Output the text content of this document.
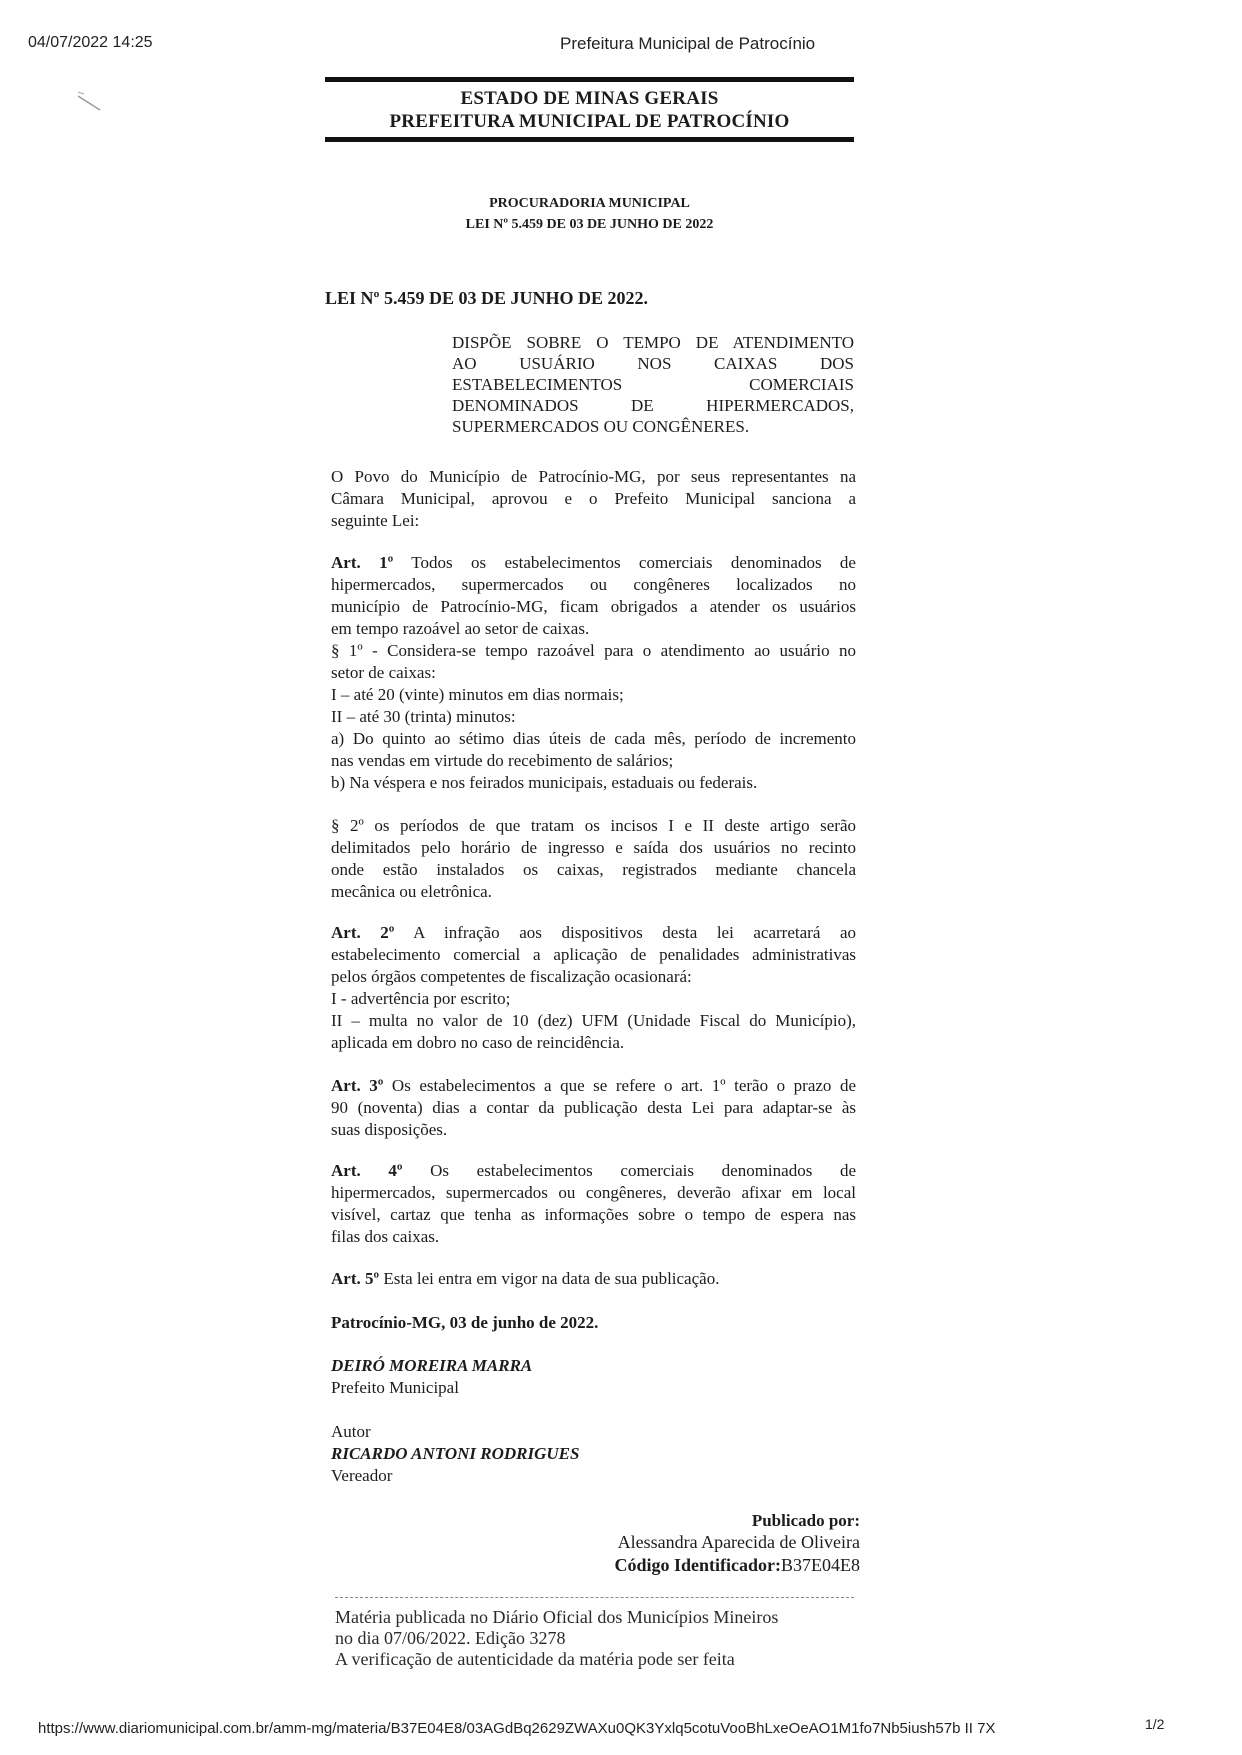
04/07/2022 14:25	Prefeitura Municipal de Patrocínio
ESTADO DE MINAS GERAIS
PREFEITURA MUNICIPAL DE PATROCÍNIO
PROCURADORIA MUNICIPAL
LEI Nº 5.459 DE 03 DE JUNHO DE 2022
LEI Nº 5.459 DE 03 DE JUNHO DE 2022.
DISPÕE SOBRE O TEMPO DE ATENDIMENTO
AO USUÁRIO NOS CAIXAS DOS
ESTABELECIMENTOS COMERCIAIS
DENOMINADOS DE HIPERMERCADOS,
SUPERMERCADOS OU CONGÊNERES.
O Povo do Município de Patrocínio-MG, por seus representantes na
Câmara Municipal, aprovou e o Prefeito Municipal sanciona a
seguinte Lei:
Art. 1º Todos os estabelecimentos comerciais denominados de
hipermercados, supermercados ou congêneres localizados no
município de Patrocínio-MG, ficam obrigados a atender os usuários
em tempo razoável ao setor de caixas.
§ 1º - Considera-se tempo razoável para o atendimento ao usuário no
setor de caixas:
I – até 20 (vinte) minutos em dias normais;
II – até 30 (trinta) minutos:
a) Do quinto ao sétimo dias úteis de cada mês, período de incremento
nas vendas em virtude do recebimento de salários;
b) Na véspera e nos feirados municipais, estaduais ou federais.
§ 2º os períodos de que tratam os incisos I e II deste artigo serão
delimitados pelo horário de ingresso e saída dos usuários no recinto
onde estão instalados os caixas, registrados mediante chancela
mecânica ou eletrônica.
Art. 2º A infração aos dispositivos desta lei acarretará ao
estabelecimento comercial a aplicação de penalidades administrativas
pelos órgãos competentes de fiscalização ocasionará:
I - advertência por escrito;
II – multa no valor de 10 (dez) UFM (Unidade Fiscal do Município),
aplicada em dobro no caso de reincidência.
Art. 3º Os estabelecimentos a que se refere o art. 1º terão o prazo de
90 (noventa) dias a contar da publicação desta Lei para adaptar-se às
suas disposições.
Art. 4º Os estabelecimentos comerciais denominados de
hipermercados, supermercados ou congêneres, deverão afixar em local
visível, cartaz que tenha as informações sobre o tempo de espera nas
filas dos caixas.
Art. 5º Esta lei entra em vigor na data de sua publicação.
Patrocínio-MG, 03 de junho de 2022.
DEIRÓ MOREIRA MARRA
Prefeito Municipal
Autor
RICARDO ANTONI RODRIGUES
Vereador
Publicado por:
Alessandra Aparecida de Oliveira
Código Identificador:B37E04E8
Matéria publicada no Diário Oficial dos Municípios Mineiros
no dia 07/06/2022. Edição 3278
A verificação de autenticidade da matéria pode ser feita
https://www.diariomunicipal.com.br/amm-mg/materia/B37E04E8/03AGdBq2629ZWAXu0QK3Yxlq5cotuVooBhLxeOeAO1M1fo7Nb5iush57b II 7X	1/2
